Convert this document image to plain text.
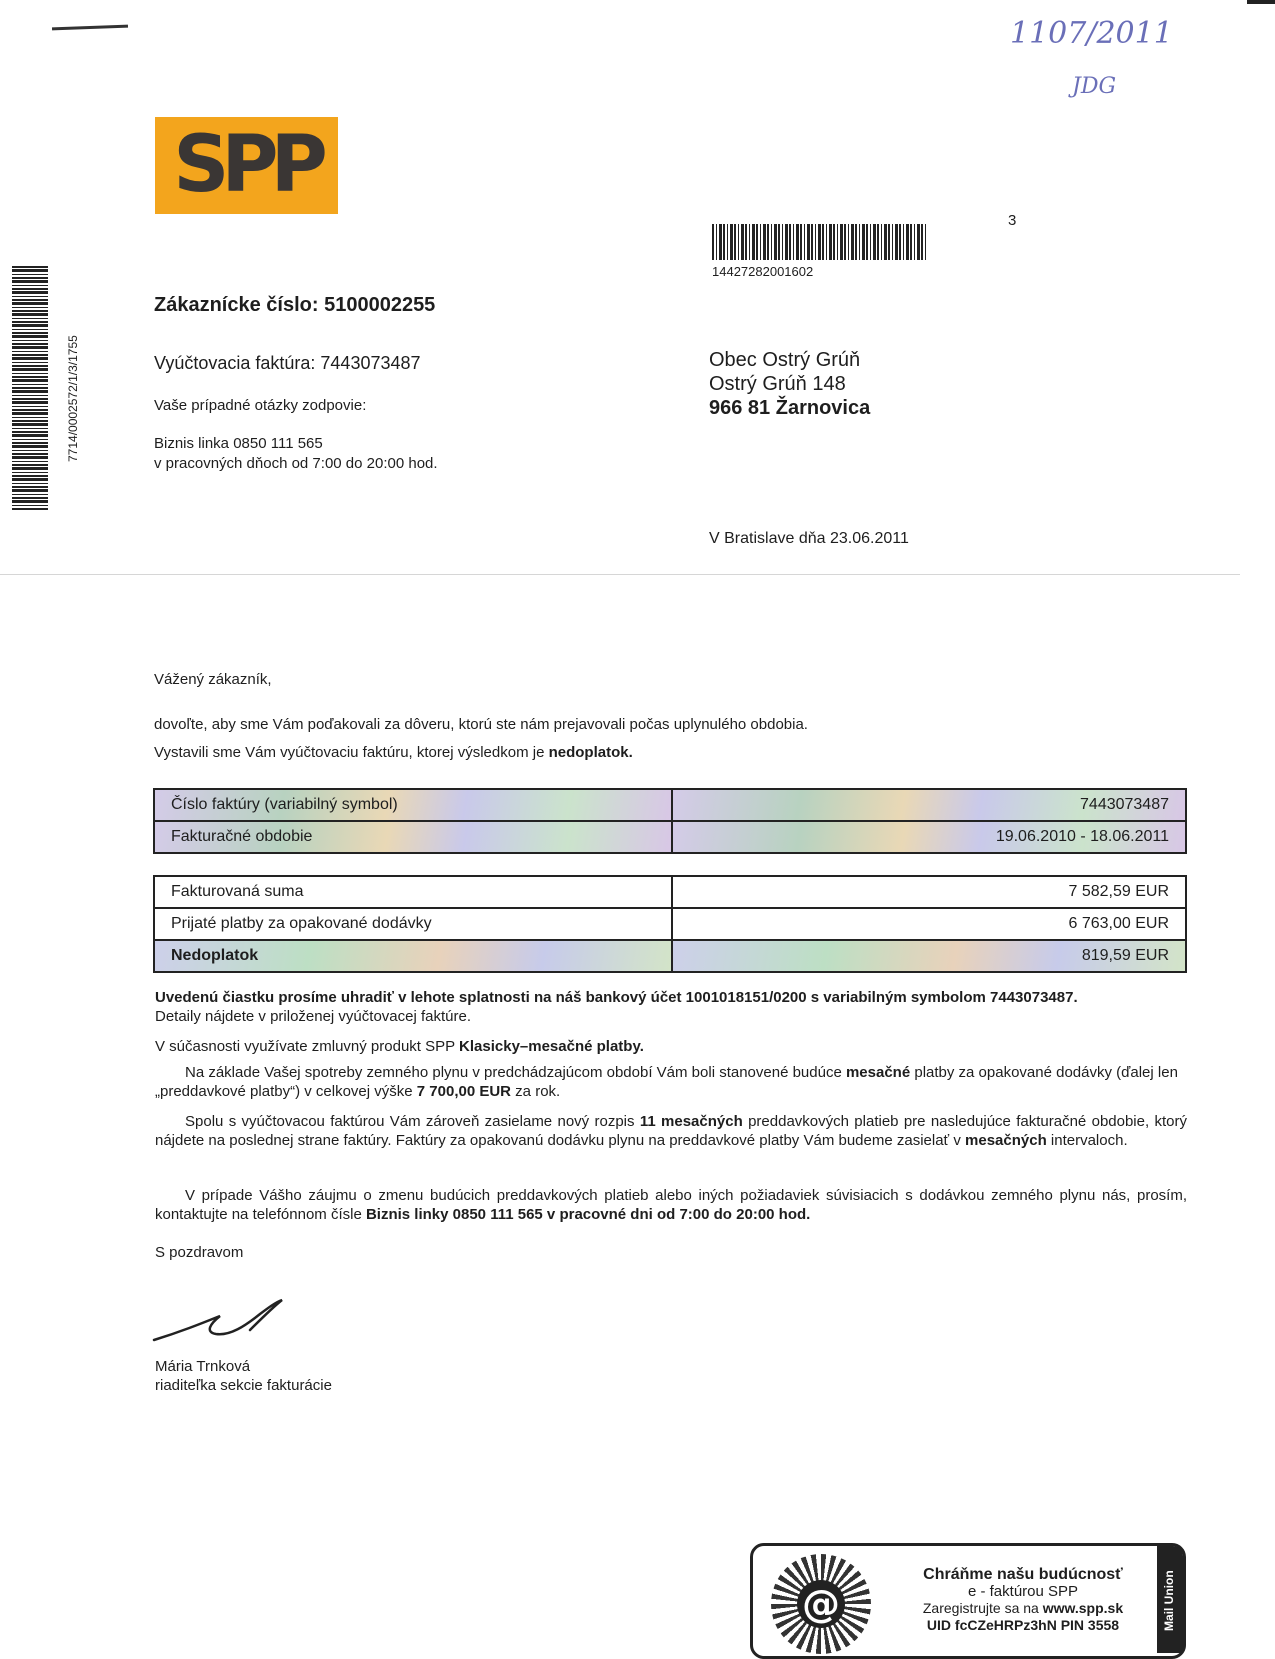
1107/2011
JDG
SPP
3
14427282001602
7714/0002572/1/3/1755
Zákaznícke číslo: 5100002255
Vyúčtovacia faktúra: 7443073487
Vaše prípadné otázky zodpovie:
Biznis linka 0850 111 565
v pracovných dňoch od 7:00 do 20:00 hod.
Obec Ostrý Grúň
Ostrý Grúň 148
966 81 Žarnovica
V Bratislave dňa 23.06.2011
Vážený zákazník,
dovoľte, aby sme Vám poďakovali za dôveru, ktorú ste nám prejavovali počas uplynulého obdobia.
Vystavili sme Vám vyúčtovaciu faktúru, ktorej výsledkom je nedoplatok.
Číslo faktúry (variabilný symbol)	7443073487
Fakturačné obdobie	19.06.2010 - 18.06.2011
Fakturovaná suma	7 582,59 EUR
Prijaté platby za opakované dodávky	6 763,00 EUR
Nedoplatok	819,59 EUR
Uvedenú čiastku prosíme uhradiť v lehote splatnosti na náš bankový účet 1001018151/0200 s variabilným symbolom 7443073487.
Detaily nájdete v priloženej vyúčtovacej faktúre.
V súčasnosti využívate zmluvný produkt SPP Klasicky–mesačné platby.
Na základe Vašej spotreby zemného plynu v predchádzajúcom období Vám boli stanovené budúce mesačné platby za opakované dodávky (ďalej len „preddavkové platby“) v celkovej výške 7 700,00 EUR za rok.
Spolu s vyúčtovacou faktúrou Vám zároveň zasielame nový rozpis 11 mesačných preddavkových platieb pre nasledujúce fakturačné obdobie, ktorý nájdete na poslednej strane faktúry. Faktúry za opakovanú dodávku plynu na preddavkové platby Vám budeme zasielať v mesačných intervaloch.
V prípade Vášho záujmu o zmenu budúcich preddavkových platieb alebo iných požiadaviek súvisiacich s dodávkou zemného plynu nás, prosím, kontaktujte na telefónnom čísle Biznis linky 0850 111 565 v pracovné dni od 7:00 do 20:00 hod.
S pozdravom
Mária Trnková
riaditeľka sekcie fakturácie
@
Chráňme našu budúcnosť
e - faktúrou SPP
Zaregistrujte sa na www.spp.sk
UID fcCZeHRPz3hN PIN 3558	Mail Union
